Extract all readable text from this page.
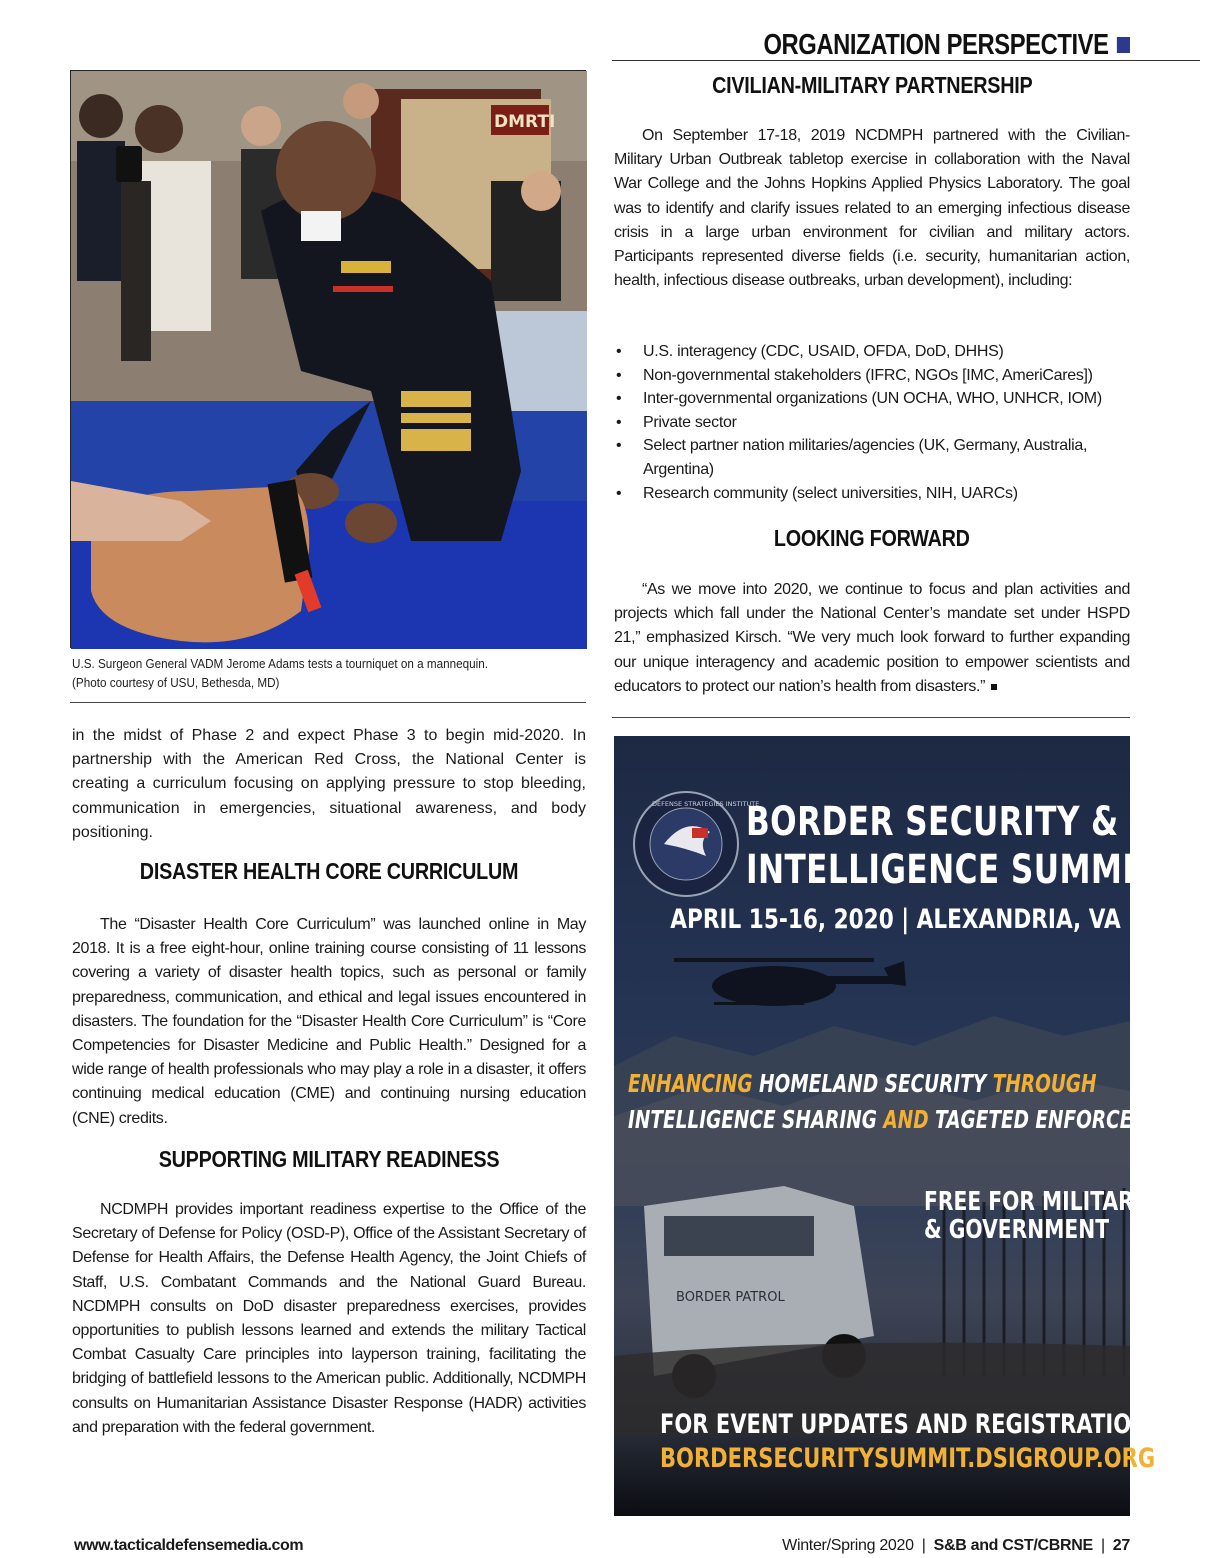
ORGANIZATION PERSPECTIVE
DMRTI
U.S. Surgeon General VADM Jerome Adams tests a tourniquet on a mannequin.
(Photo courtesy of USU, Bethesda, MD)
in the midst of Phase 2 and expect Phase 3 to begin mid-2020. In partnership with the American Red Cross, the National Center is creating a curriculum focusing on applying pressure to stop bleeding, communication in emergencies, situational awareness, and body positioning.
DISASTER HEALTH CORE CURRICULUM
The “Disaster Health Core Curriculum” was launched online in May 2018. It is a free eight-hour, online training course consisting of 11 lessons covering a variety of disaster health topics, such as personal or family preparedness, communication, and ethical and legal issues encountered in disasters. The foundation for the “Disaster Health Core Curriculum” is “Core Competencies for Disaster Medicine and Public Health.” Designed for a wide range of health professionals who may play a role in a disaster, it offers continuing medical education (CME) and continuing nursing education (CNE) credits.
SUPPORTING MILITARY READINESS
NCDMPH provides important readiness expertise to the Office of the Secretary of Defense for Policy (OSD-P), Office of the Assistant Secretary of Defense for Health Affairs, the Defense Health Agency, the Joint Chiefs of Staff, U.S. Combatant Commands and the National Guard Bureau. NCDMPH consults on DoD disaster preparedness exercises, provides opportunities to publish lessons learned and extends the military Tactical Combat Casualty Care principles into layperson training, facilitating the bridging of battlefield lessons to the American public. Additionally, NCDMPH consults on Humanitarian Assistance Disaster Response (HADR) activities and preparation with the federal government.
CIVILIAN-MILITARY PARTNERSHIP
On September 17-18, 2019 NCDMPH partnered with the Civilian-Military Urban Outbreak tabletop exercise in collaboration with the Naval War College and the Johns Hopkins Applied Physics Laboratory. The goal was to identify and clarify issues related to an emerging infectious disease crisis in a large urban environment for civilian and military actors. Participants represented diverse fields (i.e. security, humanitarian action, health, infectious disease outbreaks, urban development), including:
• U.S. interagency (CDC, USAID, OFDA, DoD, DHHS)
• Non-governmental stakeholders (IFRC, NGOs [IMC, AmeriCares])
• Inter-governmental organizations (UN OCHA, WHO, UNHCR, IOM)
• Private sector
• Select partner nation militaries/agencies (UK, Germany, Australia, Argentina)
• Research community (select universities, NIH, UARCs)
LOOKING FORWARD
“As we move into 2020, we continue to focus and plan activities and projects which fall under the National Center’s mandate set under HSPD 21,” emphasized Kirsch. “We very much look forward to further expanding our unique interagency and academic position to empower scientists and educators to protect our nation’s health from disasters.”
BORDER PATROL
DEFENSE STRATEGIES INSTITUTE
BORDER SECURITY &
INTELLIGENCE SUMMIT
APRIL 15-16, 2020 | ALEXANDRIA, VA
ENHANCING HOMELAND SECURITY THROUGH
INTELLIGENCE SHARING AND TAGETED ENFORCEMENT
FREE FOR MILITARY
& GOVERNMENT
FOR EVENT UPDATES AND REGISTRATION VISIT:
BORDERSECURITYSUMMIT.DSIGROUP.ORG
www.tacticaldefensemedia.com	Winter/Spring 2020 | S&B and CST/CBRNE | 27
